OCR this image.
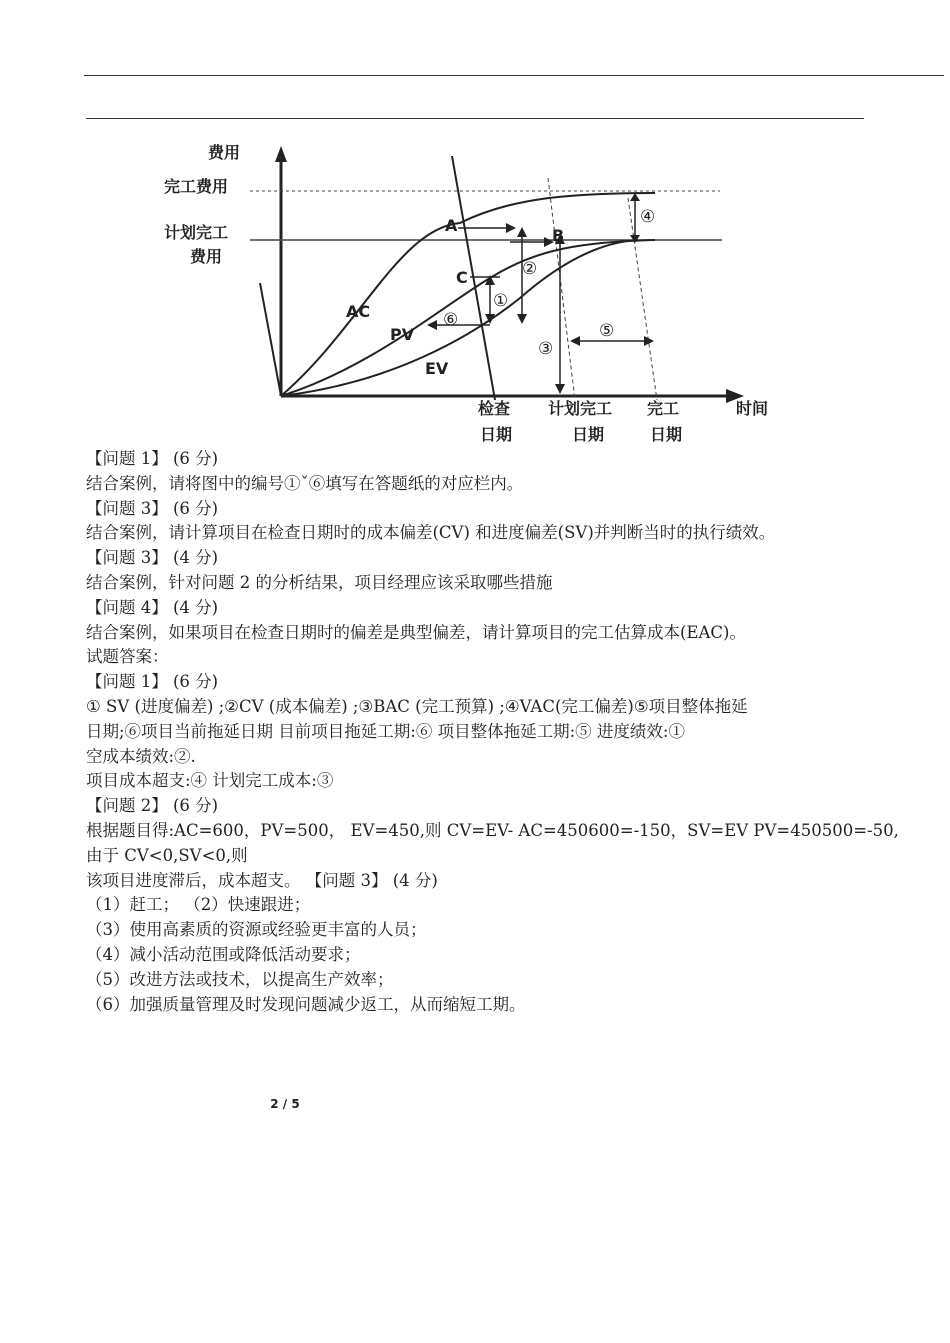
费用
完工费用
计划完工
费用
时间
检查
日期
计划完工
日期
完工
日期
AC
PV
EV
A
B
C
①
②
③
④
⑤
⑥
【问题 1】 (6 分)
结合案例，请将图中的编号①ˇ⑥填写在答题纸的对应栏内。
【问题 3】 (6 分)
结合案例，请计算项目在检查日期时的成本偏差(CV) 和进度偏差(SV)并判断当时的执行绩效。
【问题 3】 (4 分)
结合案例，针对问题 2 的分析结果，项目经理应该采取哪些措施
【问题 4】 (4 分)
结合案例，如果项目在检查日期时的偏差是典型偏差，请计算项目的完工估算成本(EAC)。
试题答案：
【问题 1】 (6 分)
① SV (进度偏差) ;②CV (成本偏差) ;③BAC (完工预算) ;④VAC(完工偏差)⑤项目整体拖延
日期;⑥项目当前拖延日期 目前项目拖延工期:⑥ 项目整体拖延工期:⑤ 进度绩效:①
空成本绩效:②.
项目成本超支:④ 计划完工成本:③
【问题 2】 (6 分)
根据题目得:AC=600，PV=500， EV=450,则 CV=EV- AC=450600=-150，SV=EV PV=450500=-50,
由于 CV<0,SV<0,则
该项目进度滞后，成本超支。 【问题 3】 (4 分)
（1）赶工； （2）快速跟进；
（3）使用高素质的资源或经验更丰富的人员；
（4）减小活动范围或降低活动要求；
（5）改进方法或技术，以提高生产效率；
（6）加强质量管理及时发现问题减少返工，从而缩短工期。
2 / 5
